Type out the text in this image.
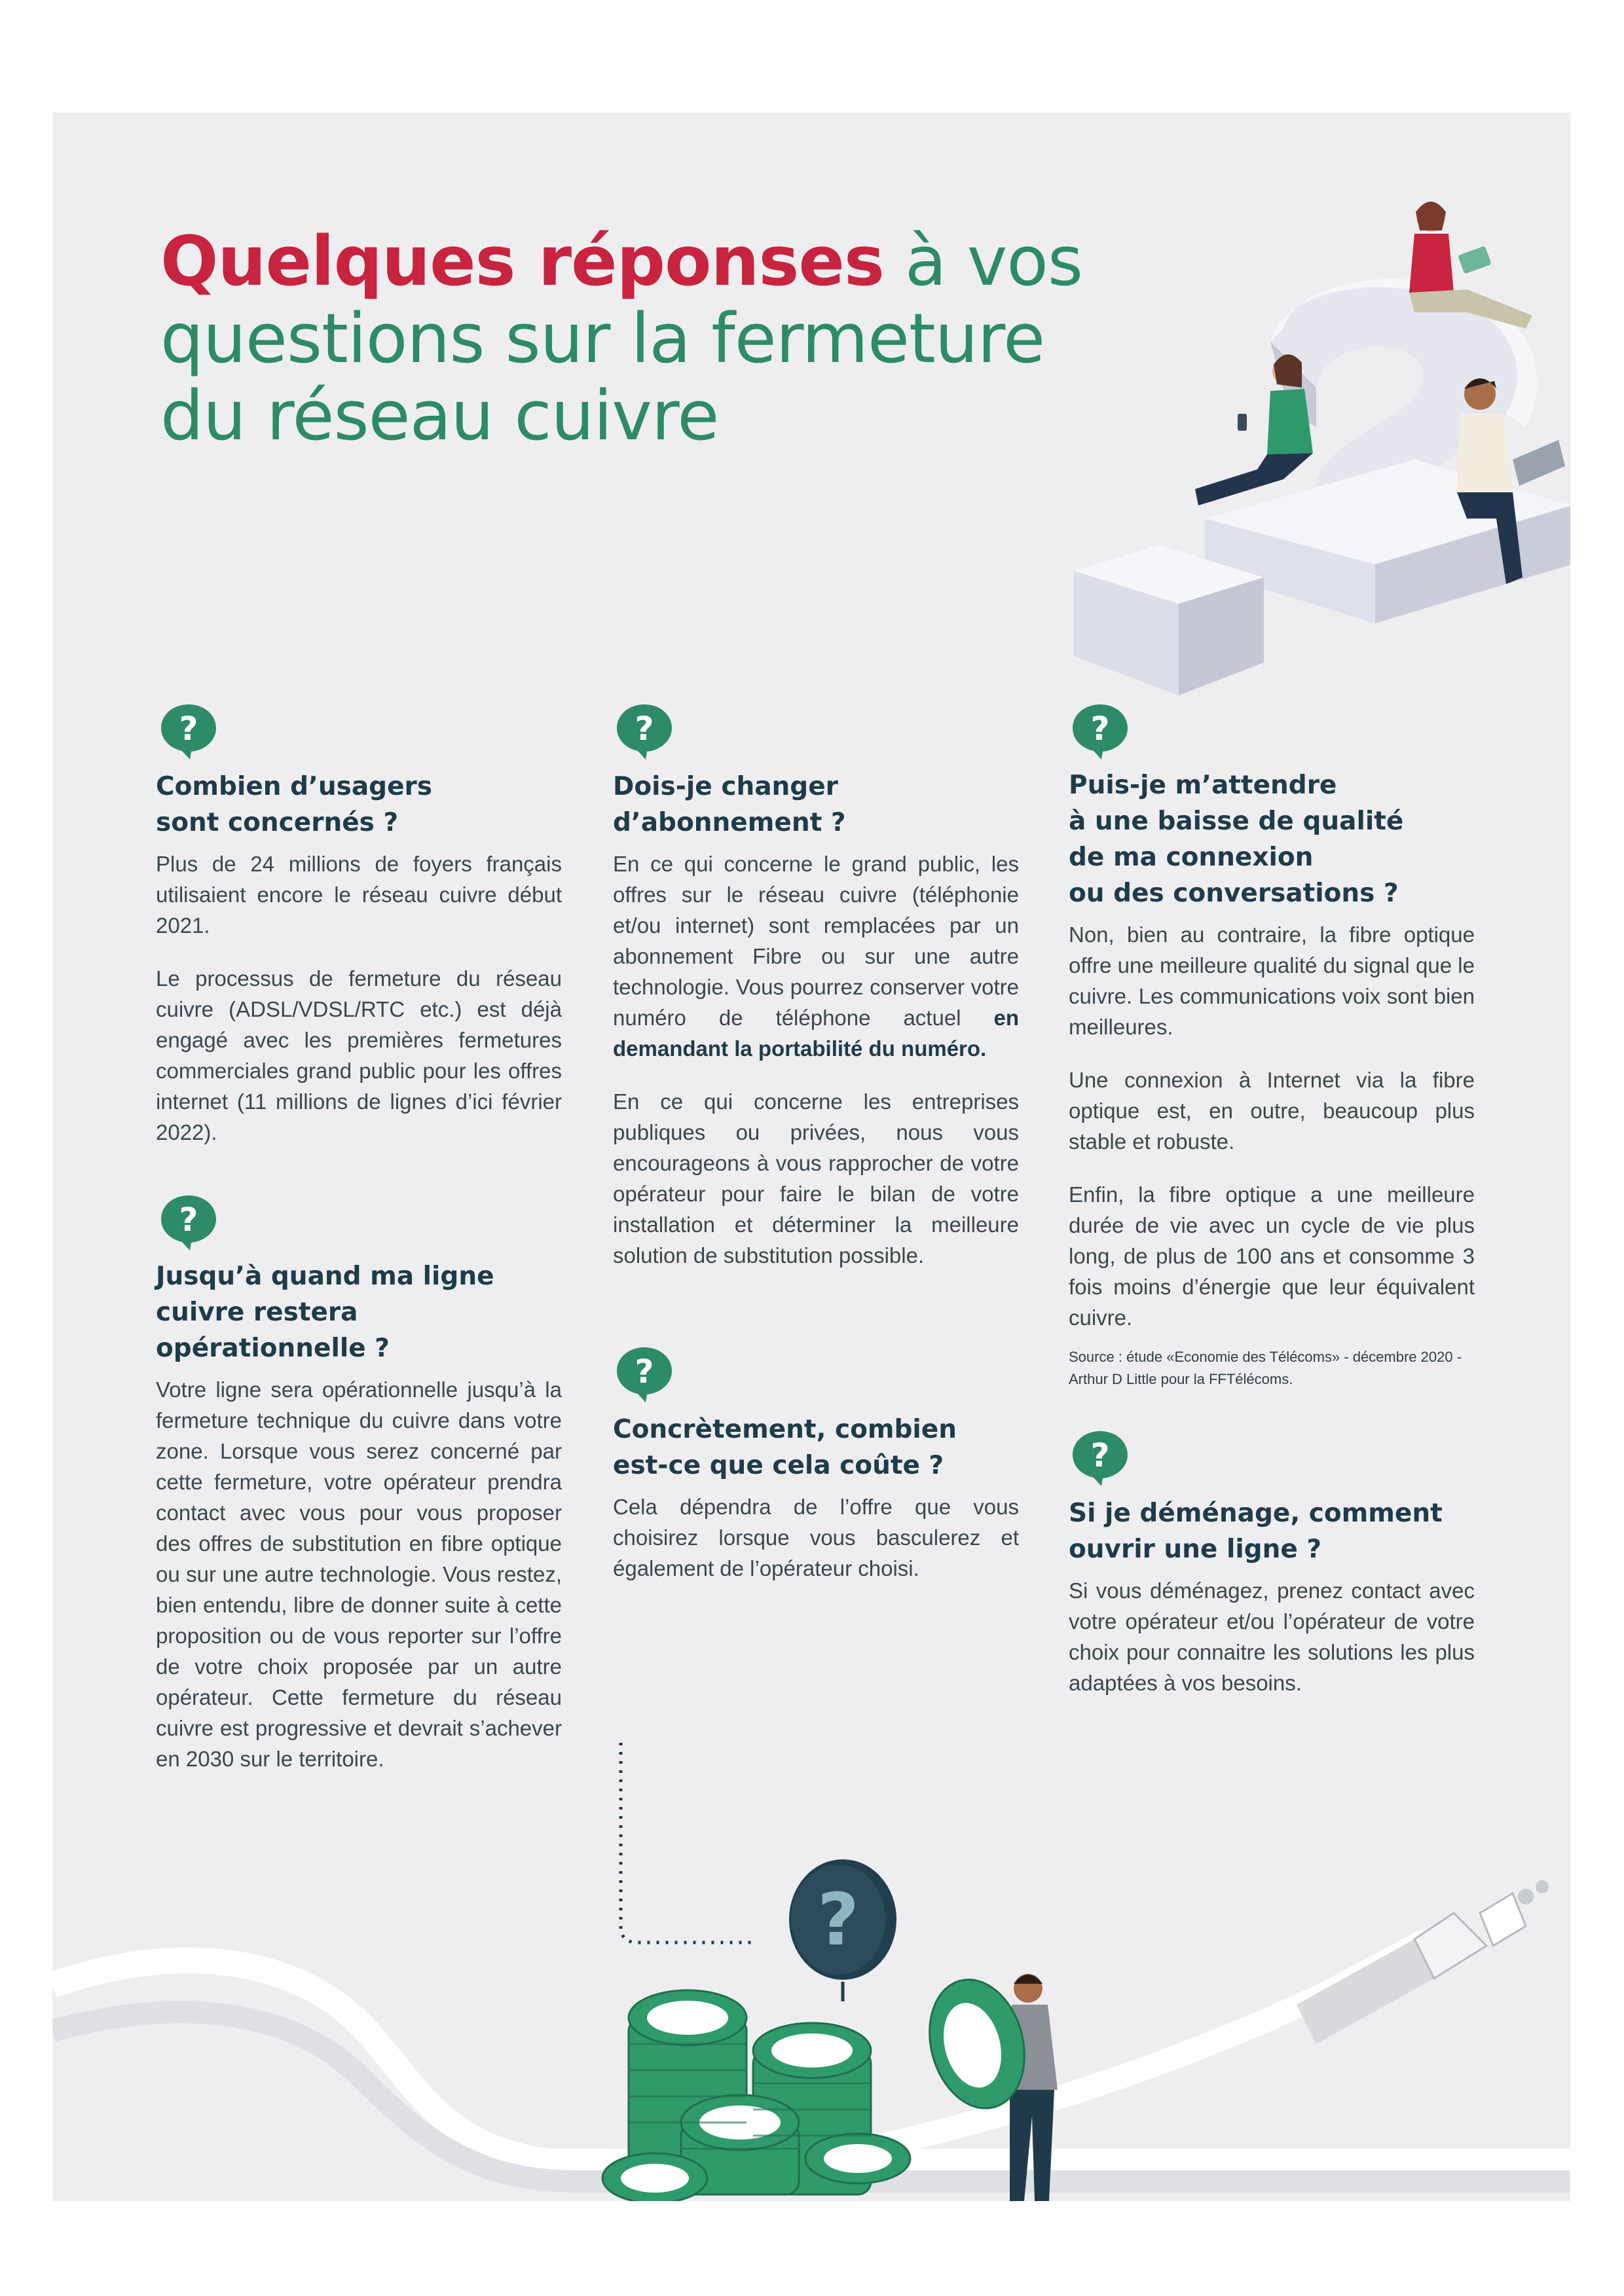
Quelques réponses à vos
questions sur la fermeture
du réseau cuivre
?
Combien d’usagers
sont concernés ?

Plus de 24 millions de foyers français utilisaient encore le réseau cuivre début 2021.

Le processus de fermeture du réseau cuivre (ADSL/VDSL/RTC etc.) est déjà engagé avec les premières fermetures commerciales grand public pour les offres internet (11 millions de lignes d’ici février 2022).

?
Jusqu’à quand ma ligne
cuivre restera
opérationnelle ?

Votre ligne sera opérationnelle jusqu’à la fermeture technique du cuivre dans votre zone. Lorsque vous serez concerné par cette fermeture, votre opérateur prendra contact avec vous pour vous proposer des offres de substitution en fibre optique ou sur une autre technologie. Vous restez, bien entendu, libre de donner suite à cette proposition ou de vous reporter sur l’offre de votre choix proposée par un autre opérateur. Cette fermeture du réseau cuivre est progressive et devrait s’achever en 2030 sur le territoire.

?
Dois-je changer
d’abonnement ?

En ce qui concerne le grand public, les offres sur le réseau cuivre (téléphonie et/ou internet) sont remplacées par un abonnement Fibre ou sur une autre technologie. Vous pourrez conserver votre numéro de téléphone actuel en demandant la portabilité du numéro.

En ce qui concerne les entreprises publiques ou privées, nous vous encourageons à vous rapprocher de votre opérateur pour faire le bilan de votre installation et déterminer la meilleure solution de substitution possible.

?
Concrètement, combien
est-ce que cela coûte ?

Cela dépendra de l’offre que vous choisirez lorsque vous basculerez et également de l’opérateur choisi.

?
Puis-je m’attendre
à une baisse de qualité
de ma connexion
ou des conversations ?

Non, bien au contraire, la fibre optique offre une meilleure qualité du signal que le cuivre. Les communications voix sont bien meilleures.

Une connexion à Internet via la fibre optique est, en outre, beaucoup plus stable et robuste.

Enfin, la fibre optique a une meilleure durée de vie avec un cycle de vie plus long, de plus de 100 ans et consomme 3 fois moins d’énergie que leur équivalent cuivre.

Source : étude «Economie des Télécoms» - décembre 2020 - Arthur D Little pour la FFTélécoms.

?
Si je déménage, comment
ouvrir une ligne ?

Si vous déménagez, prenez contact avec votre opérateur et/ou l’opérateur de votre choix pour connaitre les solutions les plus adaptées à vos besoins.

?
